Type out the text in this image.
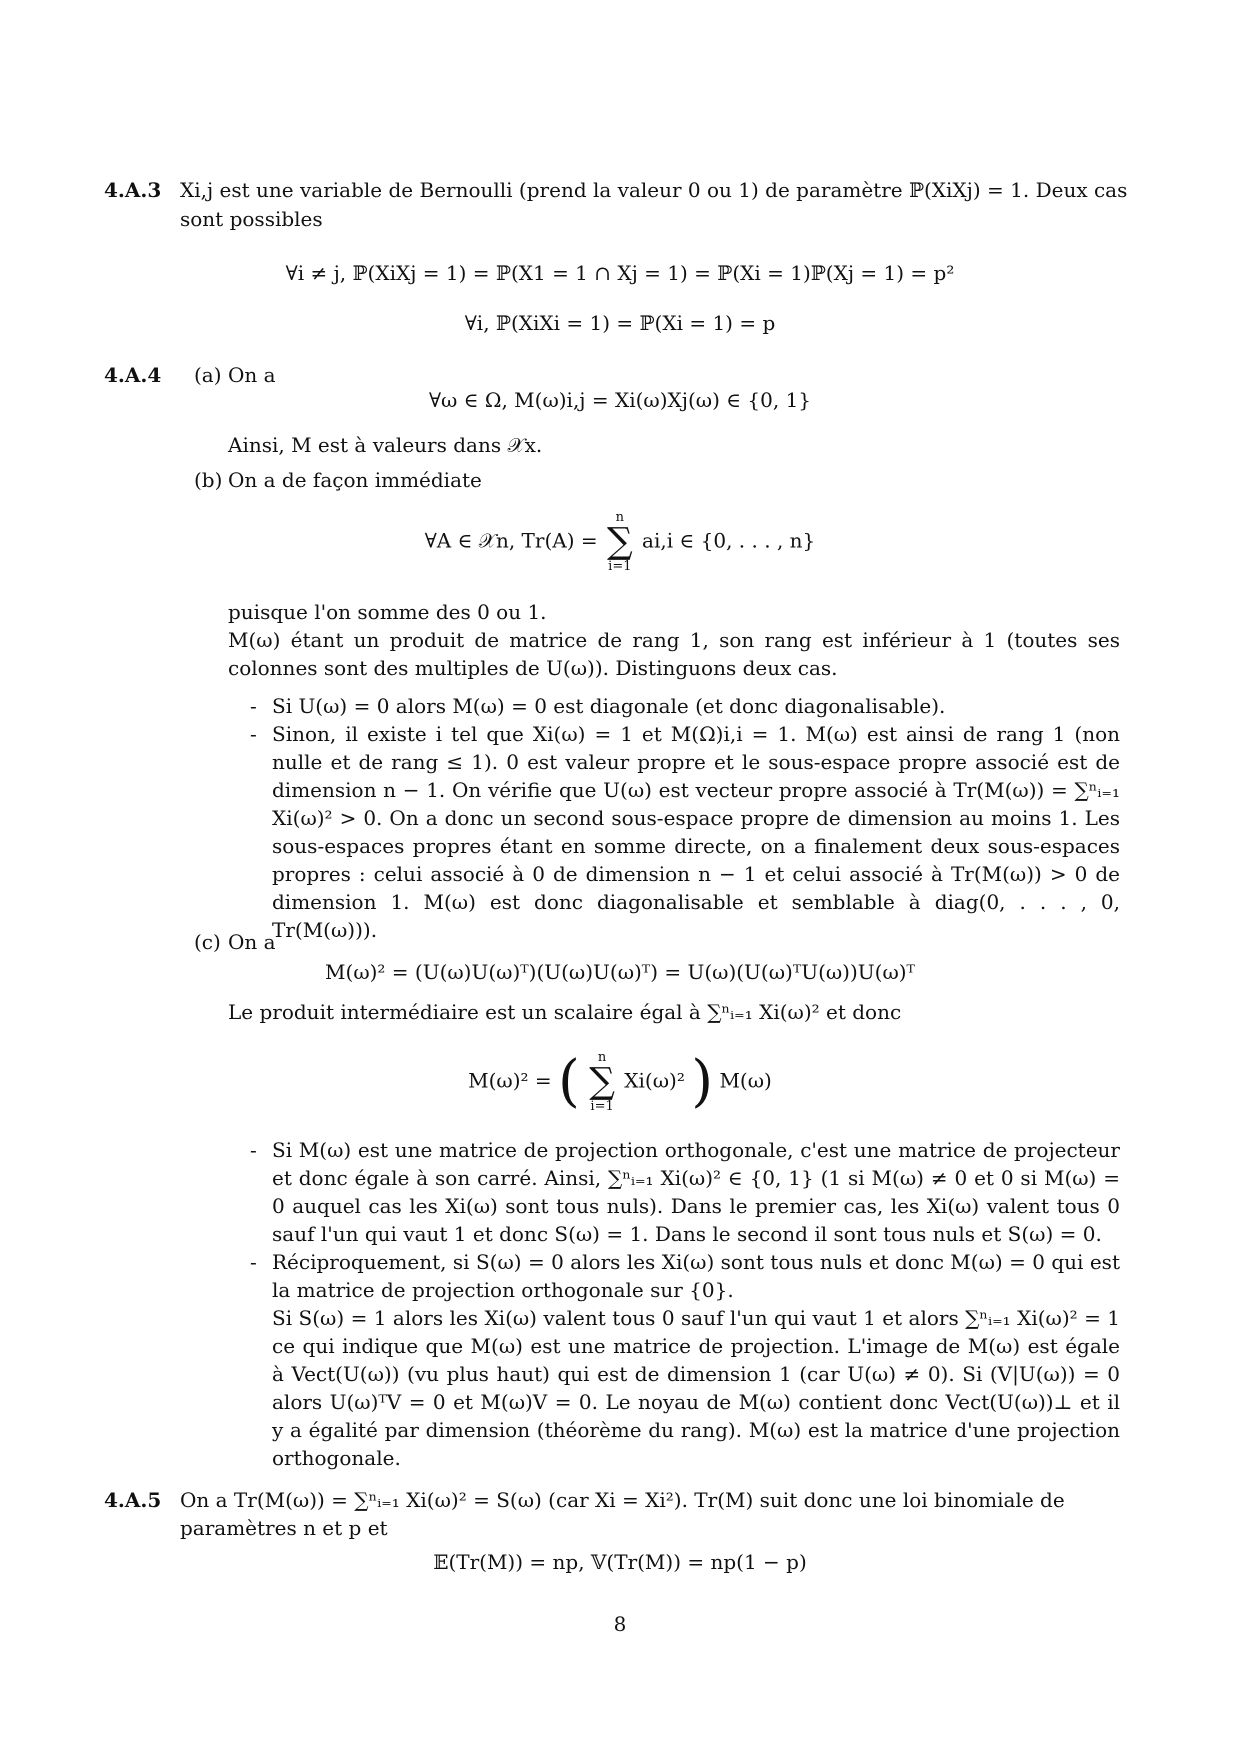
4.A.3 Xi,j est une variable de Bernoulli (prend la valeur 0 ou 1) de paramètre ℙ(XiXj) = 1. Deux cas

sont possibles

∀i ≠ j, ℙ(XiXj = 1) = ℙ(X1 = 1 ∩ Xj = 1) = ℙ(Xi = 1)ℙ(Xj = 1) = p²

∀i, ℙ(XiXi = 1) = ℙ(Xi = 1) = p

4.A.4 (a) On a

∀ω ∈ Ω, M(ω)i,j = Xi(ω)Xj(ω) ∈ {0, 1}

Ainsi, M est à valeurs dans 𝒳x.

(b) On a de façon immédiate

∀A ∈ 𝒳n, Tr(A) =
n
∑
i=1
ai,i ∈ {0, . . . , n}

puisque l'on somme des 0 ou 1.

M(ω) étant un produit de matrice de rang 1, son rang est inférieur à 1 (toutes ses colonnes sont des multiples de U(ω)). Distinguons deux cas.

- Si U(ω) = 0 alors M(ω) = 0 est diagonale (et donc diagonalisable).

- Sinon, il existe i tel que Xi(ω) = 1 et M(Ω)i,i = 1. M(ω) est ainsi de rang 1 (non nulle et de rang ≤ 1). 0 est valeur propre et le sous-espace propre associé est de dimension n − 1. On vérifie que U(ω) est vecteur propre associé à Tr(M(ω)) = ∑ⁿᵢ₌₁ Xi(ω)² > 0. On a donc un second sous-espace propre de dimension au moins 1. Les sous-espaces propres étant en somme directe, on a finalement deux sous-espaces propres : celui associé à 0 de dimension n − 1 et celui associé à Tr(M(ω)) > 0 de dimension 1. M(ω) est donc diagonalisable et semblable à diag(0, . . . , 0, Tr(M(ω))).

(c) On a

M(ω)² = (U(ω)U(ω)ᵀ)(U(ω)U(ω)ᵀ) = U(ω)(U(ω)ᵀU(ω))U(ω)ᵀ

Le produit intermédiaire est un scalaire égal à ∑ⁿᵢ₌₁ Xi(ω)² et donc

M(ω)² = (	n
∑
i=1
Xi(ω)² ) M(ω)

- Si M(ω) est une matrice de projection orthogonale, c'est une matrice de projecteur et donc égale à son carré. Ainsi, ∑ⁿᵢ₌₁ Xi(ω)² ∈ {0, 1} (1 si M(ω) ≠ 0 et 0 si M(ω) = 0 auquel cas les Xi(ω) sont tous nuls). Dans le premier cas, les Xi(ω) valent tous 0 sauf l'un qui vaut 1 et donc S(ω) = 1. Dans le second il sont tous nuls et S(ω) = 0.

- Réciproquement, si S(ω) = 0 alors les Xi(ω) sont tous nuls et donc M(ω) = 0 qui est la matrice de projection orthogonale sur {0}.

Si S(ω) = 1 alors les Xi(ω) valent tous 0 sauf l'un qui vaut 1 et alors ∑ⁿᵢ₌₁ Xi(ω)² = 1 ce qui indique que M(ω) est une matrice de projection. L'image de M(ω) est égale à Vect(U(ω)) (vu plus haut) qui est de dimension 1 (car U(ω) ≠ 0). Si (V|U(ω)) = 0 alors U(ω)ᵀV = 0 et M(ω)V = 0. Le noyau de M(ω) contient donc Vect(U(ω))⊥ et il y a égalité par dimension (théorème du rang). M(ω) est la matrice d'une projection orthogonale.

4.A.5 On a Tr(M(ω)) = ∑ⁿᵢ₌₁ Xi(ω)² = S(ω) (car Xi = Xi²). Tr(M) suit donc une loi binomiale de

paramètres n et p et

𝔼(Tr(M)) = np, 𝕍(Tr(M)) = np(1 − p)

8
